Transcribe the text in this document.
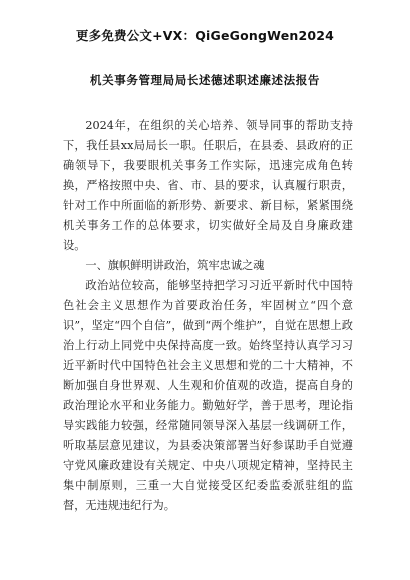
更多免费公文+VX：QiGeGongWen2024
机关事务管理局局长述德述职述廉述法报告

2024年，在组织的关心培养、领导同事的帮助支持下，我任县xx局局长一职。任职后，在县委、县政府的正确领导下，我要眼机关事务工作实际，迅速完成角色转换，严格按照中央、省、市、县的要求，认真履行职责，针对工作中所面临的新形势、新要求、新目标，紧紧围绕机关事务工作的总体要求，切实做好全局及自身廉政建设。

一、旗帜鲜明讲政治，筑牢忠诚之魂

政治站位较高，能够坚持把学习习近平新时代中国特色社会主义思想作为首要政治任务，牢固树立“四个意识”，坚定“四个自信”，做到“两个维护”，自觉在思想上政治上行动上同党中央保持高度一致。始终坚持认真学习习近平新时代中国特色社会主义思想和党的二十大精神，不断加强自身世界观、人生观和价值观的改造，提高自身的政治理论水平和业务能力。勤勉好学，善于思考，理论指导实践能力较强，经常随同领导深入基层一线调研工作，听取基层意见建议，为县委决策部署当好参谋助手自觉遵守党风廉政建设有关规定、中央八项规定精神，坚持民主集中制原则，三重一大自觉接受区纪委监委派驻组的监督，无违规违纪行为。
